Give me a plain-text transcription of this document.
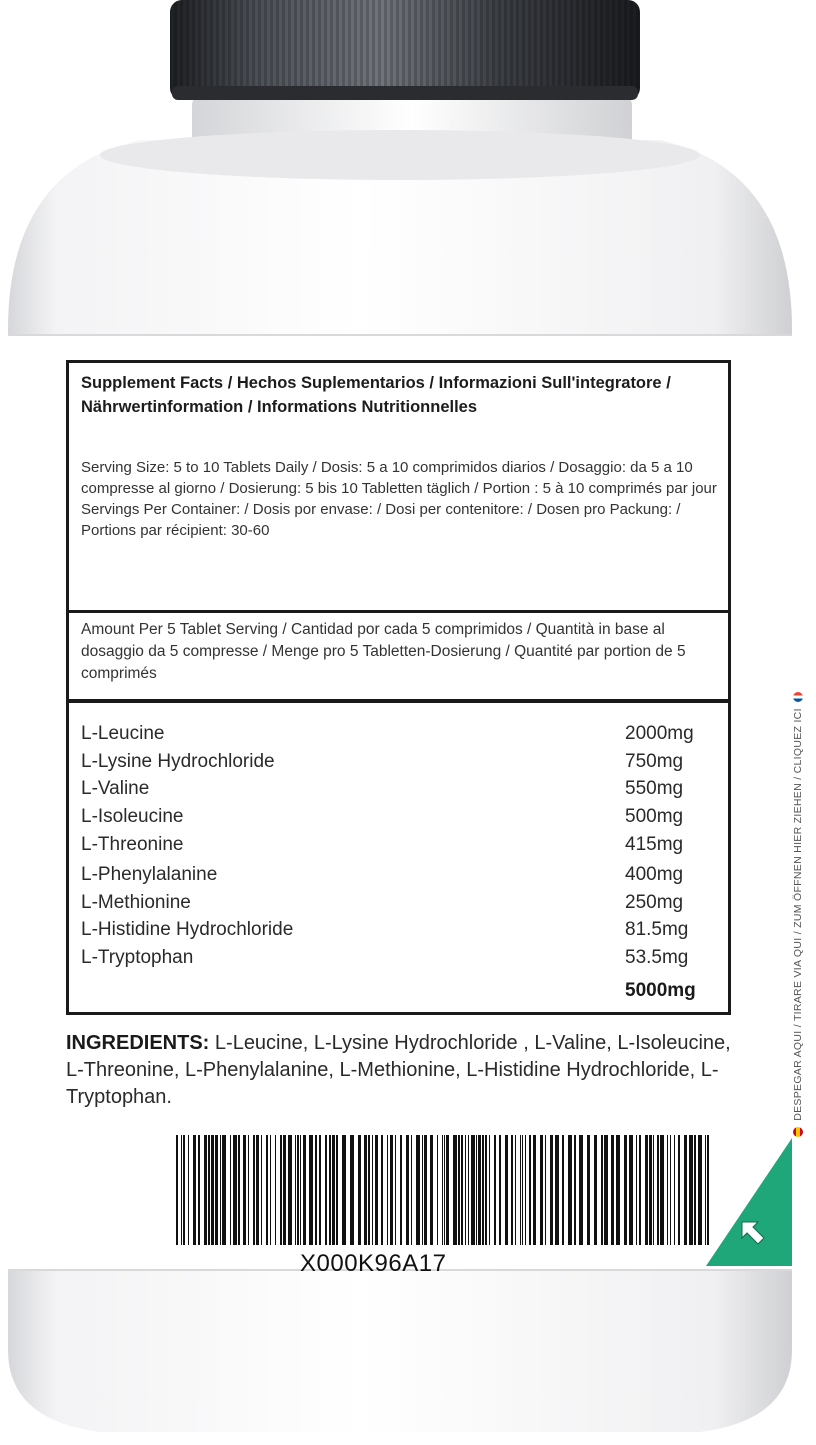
Supplement Facts / Hechos Suplementarios / Informazioni Sull'integratore / Nährwertinformation / Informations Nutritionnelles
Serving Size: 5 to 10 Tablets Daily / Dosis: 5 a 10 comprimidos diarios / Dosaggio: da 5 a 10 compresse al giorno / Dosierung: 5 bis 10 Tabletten täglich / Portion : 5 à 10 comprimés par jour Servings Per Container: / Dosis por envase: / Dosi per contenitore: / Dosen pro Packung: / Portions par récipient: 30-60
Amount Per 5 Tablet Serving / Cantidad por cada 5 comprimidos / Quantità in base al dosaggio da 5 compresse / Menge pro 5 Tabletten-Dosierung / Quantité par portion de 5 comprimés
L-Leucine	2000mg
L-Lysine Hydrochloride	750mg
L-Valine	550mg
L-Isoleucine	500mg
L-Threonine	415mg
L-Phenylalanine	400mg
L-Methionine	250mg
L-Histidine Hydrochloride	81.5mg
L-Tryptophan	53.5mg
5000mg
INGREDIENTS: L-Leucine, L-Lysine Hydrochloride , L-Valine, L-Isoleucine, L-Threonine, L-Phenylalanine, L-Methionine, L-Histidine Hydrochloride, L-Tryptophan.
X000K96A17
DESPEGAR AQUI / TIRARE VIA QUI / ZUM ÖFFNEN HIER ZIEHEN / CLIQUEZ ICI
